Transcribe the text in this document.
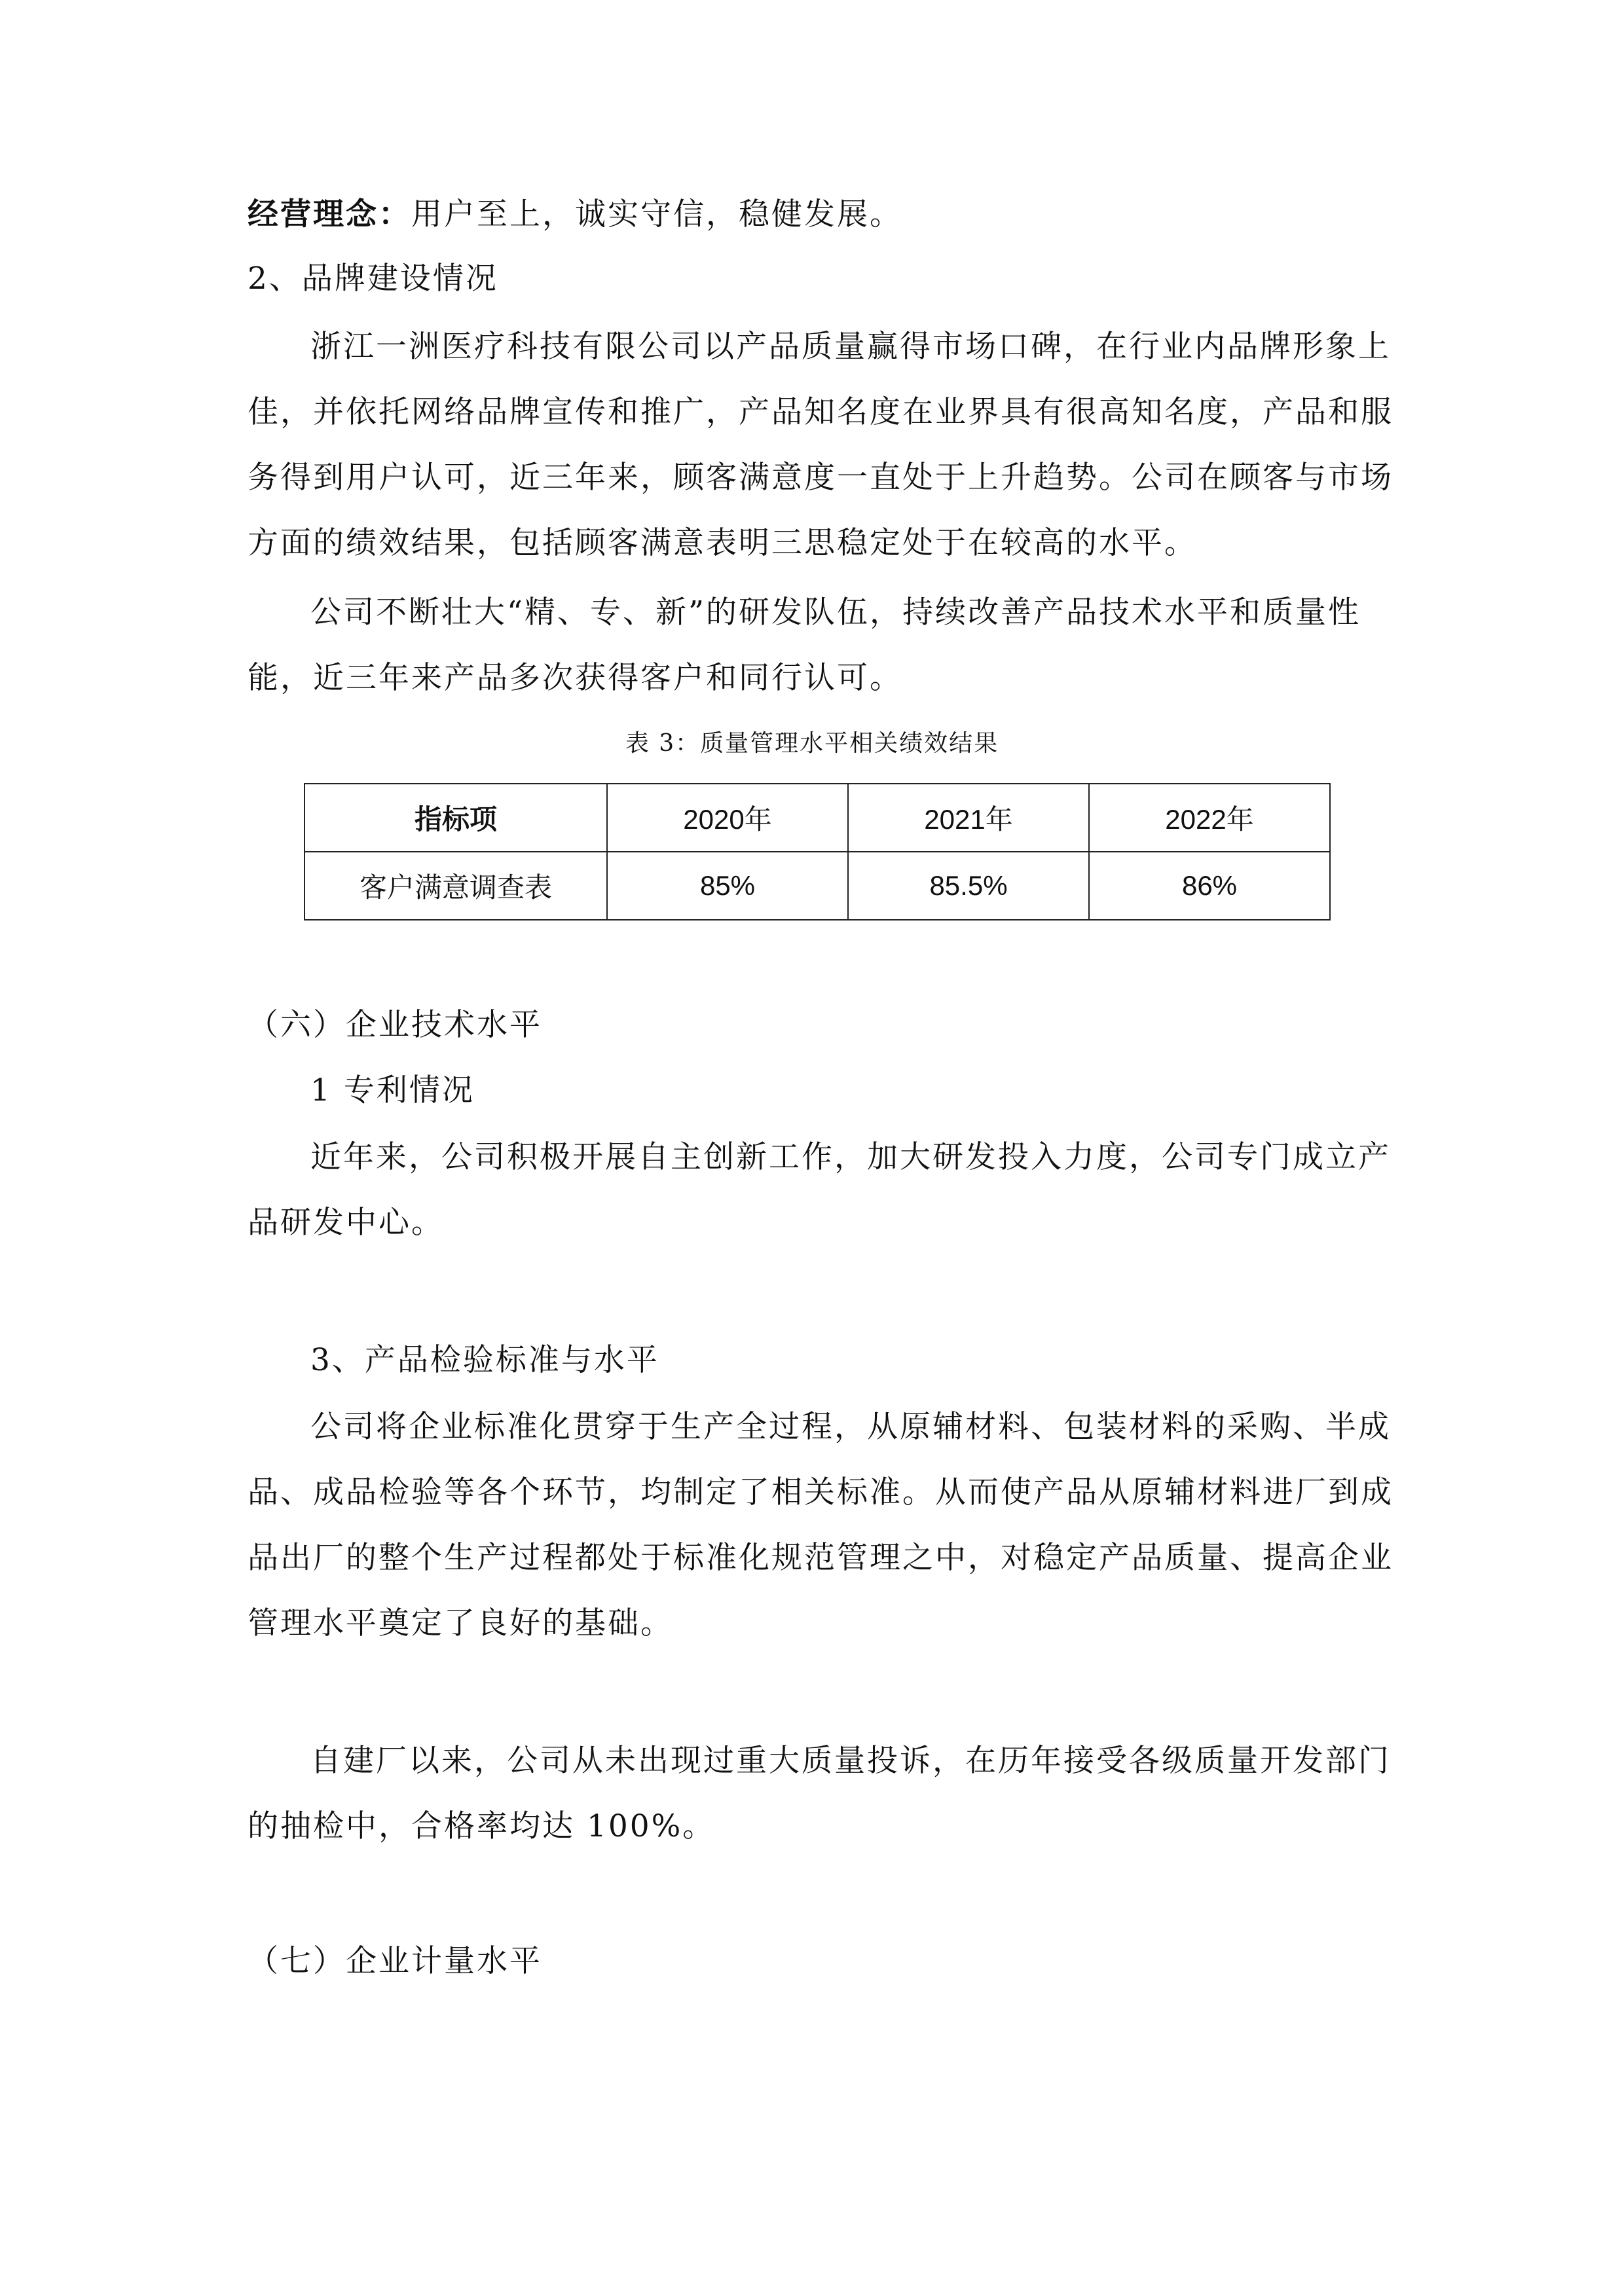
经营理念：用户至上，诚实守信，稳健发展。
2、品牌建设情况
浙江一洲医疗科技有限公司以产品质量赢得市场口碑，在行业内品牌形象上
佳，并依托网络品牌宣传和推广，产品知名度在业界具有很高知名度，产品和服
务得到用户认可，近三年来，顾客满意度一直处于上升趋势。公司在顾客与市场
方面的绩效结果，包括顾客满意表明三思稳定处于在较高的水平。
公司不断壮大“精、专、新”的研发队伍，持续改善产品技术水平和质量性
能，近三年来产品多次获得客户和同行认可。
表 3：质量管理水平相关绩效结果
指标项	2020年	2021年	2022年
客户满意调查表	85%	85.5%	86%
（六）企业技术水平
1 专利情况
近年来，公司积极开展自主创新工作，加大研发投入力度，公司专门成立产
品研发中心。
3、产品检验标准与水平
公司将企业标准化贯穿于生产全过程，从原辅材料、包装材料的采购、半成
品、成品检验等各个环节，均制定了相关标准。从而使产品从原辅材料进厂到成
品出厂的整个生产过程都处于标准化规范管理之中，对稳定产品质量、提高企业
管理水平奠定了良好的基础。
自建厂以来，公司从未出现过重大质量投诉，在历年接受各级质量开发部门
的抽检中，合格率均达 100%。
（七）企业计量水平
